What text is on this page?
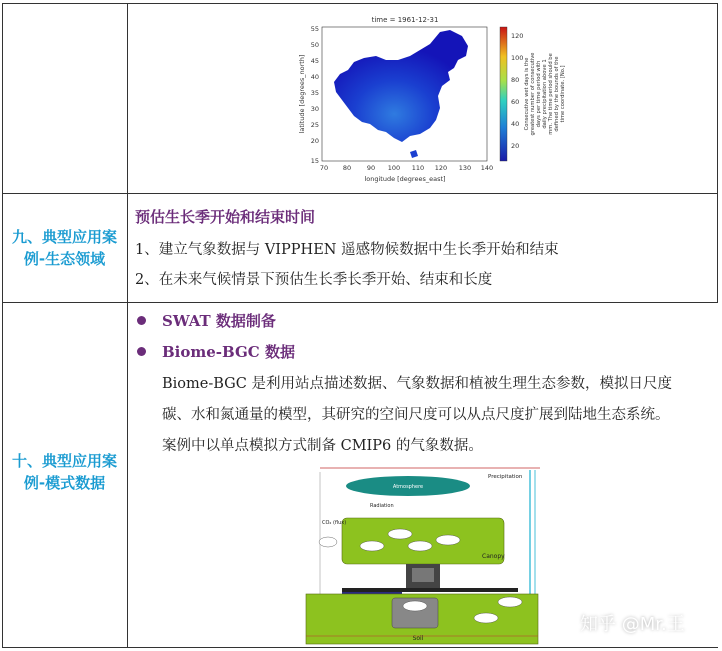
time = 1961-12-31
70 80 90 100 110 120 130 140
longitude [degrees_east]
55
50
45
40
35
30
25
20
15
latitude [degrees_north]
120
100
80
60
40
20
Consecutive wet days is the greatest number of consecutive days per time period with daily precipitation above 1 mm. The time period should be defined by the bounds of the time coordinate. [No.]
九、典型应用案
例-生态领域
预估生长季开始和结束时间
1、建立气象数据与 VIPPHEN 遥感物候数据中生长季开始和结束
2、在未来气候情景下预估生长季长季开始、结束和长度
十、典型应用案
例-模式数据
SWAT 数据制备
Biome-BGC 数据
Biome-BGC 是利用站点描述数据、气象数据和植被生理生态参数，模拟日尺度
碳、水和氮通量的模型，其研究的空间尺度可以从点尺度扩展到陆地生态系统。
案例中以单点模拟方式制备 CMIP6 的气象数据。
Atmosphere
Precipitation
Canopy
Radiation
CO₂ (flux)
Soil
知乎 @Mr.王
